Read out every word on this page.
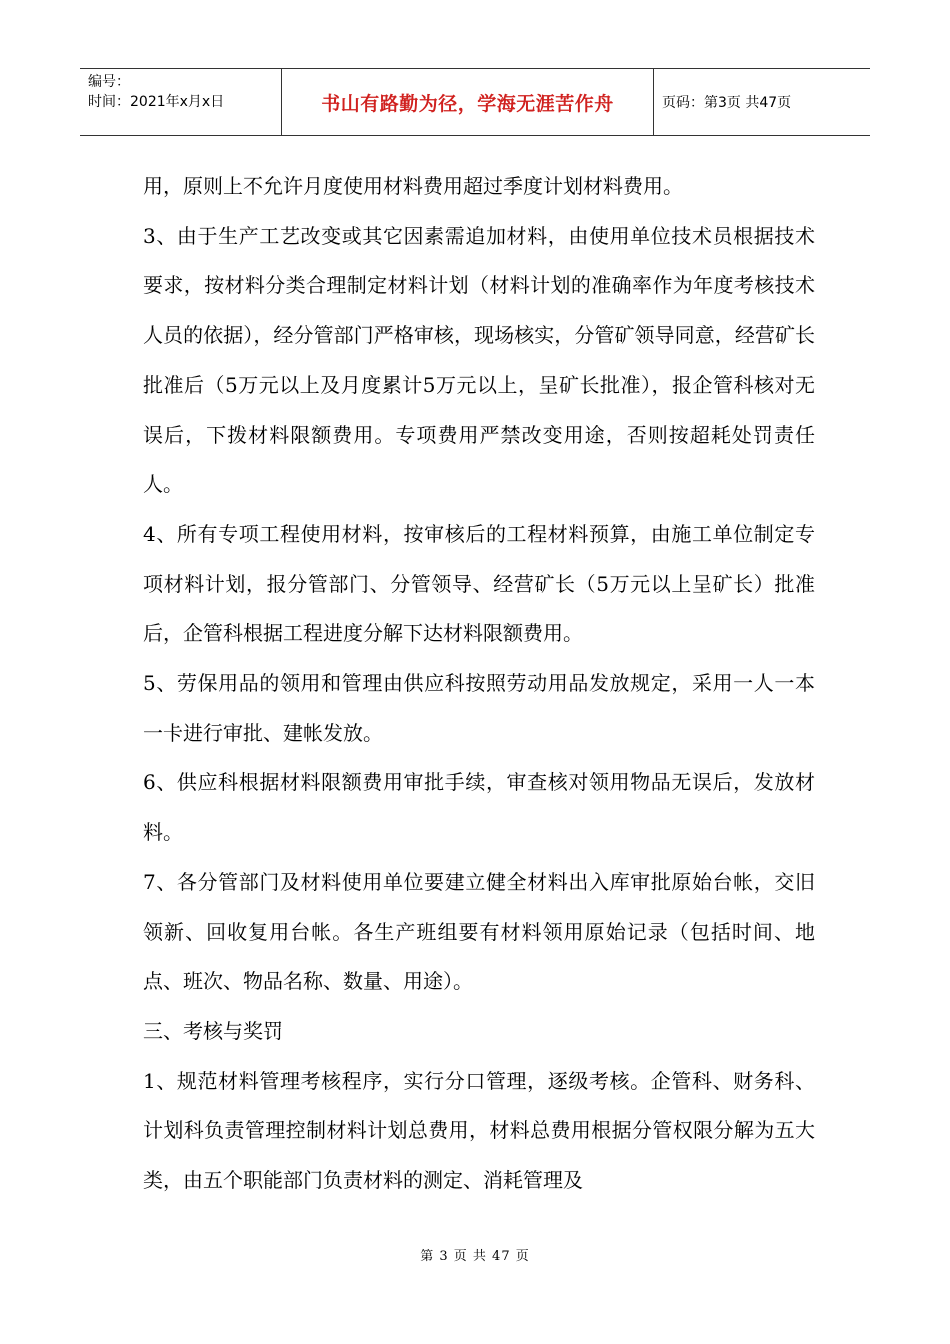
编号：
时间：2021年x月x日	书山有路勤为径，学海无涯苦作舟	页码：第3页 共47页

用，原则上不允许月度使用材料费用超过季度计划材料费用。

3、由于生产工艺改变或其它因素需追加材料，由使用单位技术员根据技术要求，按材料分类合理制定材料计划（材料计划的准确率作为年度考核技术人员的依据），经分管部门严格审核，现场核实，分管矿领导同意，经营矿长批准后（5万元以上及月度累计5万元以上，呈矿长批准），报企管科核对无误后，下拨材料限额费用。专项费用严禁改变用途，否则按超耗处罚责任人。

4、所有专项工程使用材料，按审核后的工程材料预算，由施工单位制定专项材料计划，报分管部门、分管领导、经营矿长（5万元以上呈矿长）批准后，企管科根据工程进度分解下达材料限额费用。

5、劳保用品的领用和管理由供应科按照劳动用品发放规定，采用一人一本一卡进行审批、建帐发放。

6、供应科根据材料限额费用审批手续，审查核对领用物品无误后，发放材料。

7、各分管部门及材料使用单位要建立健全材料出入库审批原始台帐，交旧领新、回收复用台帐。各生产班组要有材料领用原始记录（包括时间、地点、班次、物品名称、数量、用途）。

三、考核与奖罚

1、规范材料管理考核程序，实行分口管理，逐级考核。企管科、财务科、计划科负责管理控制材料计划总费用，材料总费用根据分管权限分解为五大类，由五个职能部门负责材料的测定、消耗管理及

第 3 页 共 47 页
